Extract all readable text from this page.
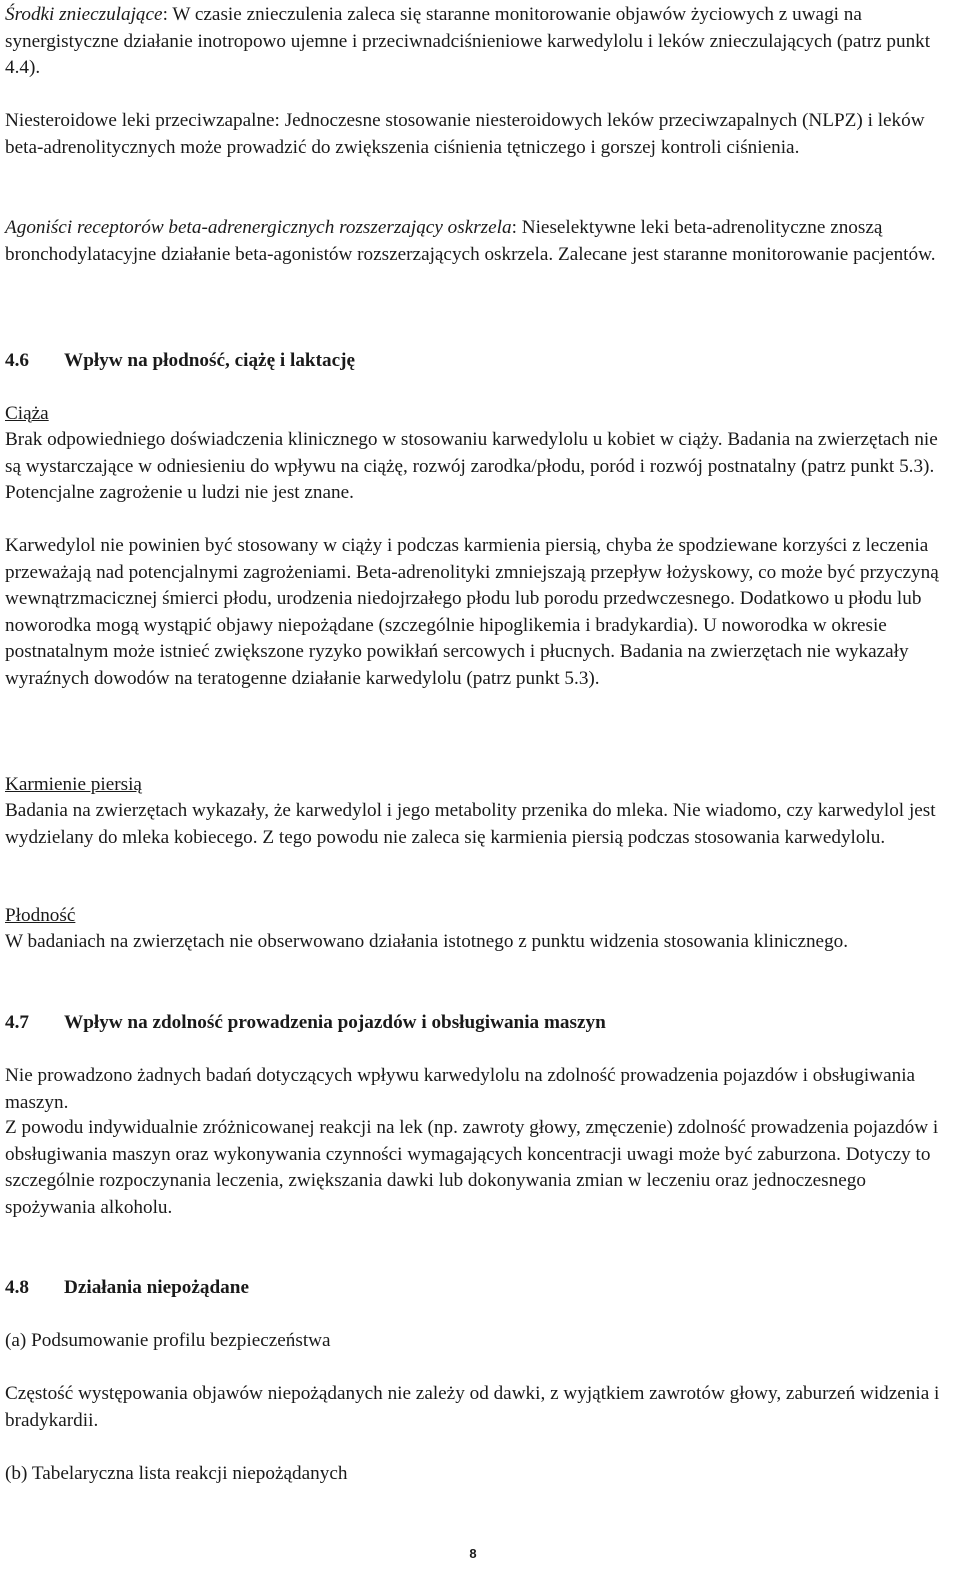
Środki znieczulające: W czasie znieczulenia zaleca się staranne monitorowanie objawów życiowych z uwagi na synergistyczne działanie inotropowo ujemne i przeciwnadciśnieniowe karwedylolu i leków znieczulających (patrz punkt 4.4).

Niesteroidowe leki przeciwzapalne: Jednoczesne stosowanie niesteroidowych leków przeciwzapalnych (NLPZ) i leków beta-adrenolitycznych może prowadzić do zwiększenia ciśnienia tętniczego i gorszej kontroli ciśnienia.

Agoniści receptorów beta-adrenergicznych rozszerzający oskrzela: Nieselektywne leki beta-adrenolityczne znoszą bronchodylatacyjne działanie beta-agonistów rozszerzających oskrzela. Zalecane jest staranne monitorowanie pacjentów.

4.6 Wpływ na płodność, ciążę i laktację

Ciąża

Brak odpowiedniego doświadczenia klinicznego w stosowaniu karwedylolu u kobiet w ciąży. Badania na zwierzętach nie są wystarczające w odniesieniu do wpływu na ciążę, rozwój zarodka/płodu, poród i rozwój postnatalny (patrz punkt 5.3). Potencjalne zagrożenie u ludzi nie jest znane.

Karwedylol nie powinien być stosowany w ciąży i podczas karmienia piersią, chyba że spodziewane korzyści z leczenia przeważają nad potencjalnymi zagrożeniami. Beta-adrenolityki zmniejszają przepływ łożyskowy, co może być przyczyną wewnątrzmacicznej śmierci płodu, urodzenia niedojrzałego płodu lub porodu przedwczesnego. Dodatkowo u płodu lub noworodka mogą wystąpić objawy niepożądane (szczególnie hipoglikemia i bradykardia). U noworodka w okresie postnatalnym może istnieć zwiększone ryzyko powikłań sercowych i płucnych. Badania na zwierzętach nie wykazały wyraźnych dowodów na teratogenne działanie karwedylolu (patrz punkt 5.3).

Karmienie piersią

Badania na zwierzętach wykazały, że karwedylol i jego metabolity przenika do mleka. Nie wiadomo, czy karwedylol jest wydzielany do mleka kobiecego. Z tego powodu nie zaleca się karmienia piersią podczas stosowania karwedylolu.

Płodność

W badaniach na zwierzętach nie obserwowano działania istotnego z punktu widzenia stosowania klinicznego.

4.7 Wpływ na zdolność prowadzenia pojazdów i obsługiwania maszyn

Nie prowadzono żadnych badań dotyczących wpływu karwedylolu na zdolność prowadzenia pojazdów i obsługiwania maszyn.

Z powodu indywidualnie zróżnicowanej reakcji na lek (np. zawroty głowy, zmęczenie) zdolność prowadzenia pojazdów i obsługiwania maszyn oraz wykonywania czynności wymagających koncentracji uwagi może być zaburzona. Dotyczy to szczególnie rozpoczynania leczenia, zwiększania dawki lub dokonywania zmian w leczeniu oraz jednoczesnego spożywania alkoholu.

4.8 Działania niepożądane

(a) Podsumowanie profilu bezpieczeństwa

Częstość występowania objawów niepożądanych nie zależy od dawki, z wyjątkiem zawrotów głowy, zaburzeń widzenia i bradykardii.

(b) Tabelaryczna lista reakcji niepożądanych

8
